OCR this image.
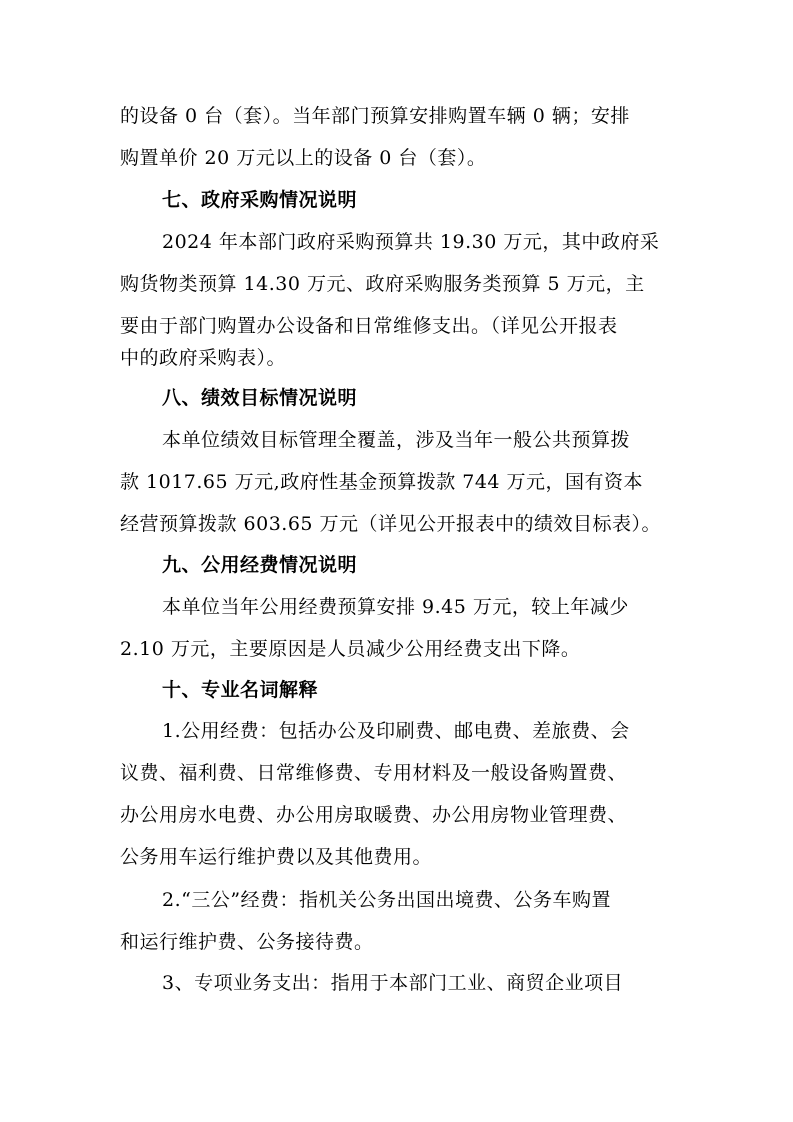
的设备 0 台（套）。当年部门预算安排购置车辆 0 辆；安排
购置单价 20 万元以上的设备 0 台（套）。
七、政府采购情况说明
2024 年本部门政府采购预算共 19.30 万元，其中政府采
购货物类预算 14.30 万元、政府采购服务类预算 5 万元，主
要由于部门购置办公设备和日常维修支出。（详见公开报表
中的政府采购表）。
八、绩效目标情况说明
本单位绩效目标管理全覆盖，涉及当年一般公共预算拨
款 1017.65 万元,政府性基金预算拨款 744 万元，国有资本
经营预算拨款 603.65 万元（详见公开报表中的绩效目标表）。
九、公用经费情况说明
本单位当年公用经费预算安排 9.45 万元，较上年减少
2.10 万元，主要原因是人员减少公用经费支出下降。
十、专业名词解释
1.公用经费：包括办公及印刷费、邮电费、差旅费、会
议费、福利费、日常维修费、专用材料及一般设备购置费、
办公用房水电费、办公用房取暖费、办公用房物业管理费、
公务用车运行维护费以及其他费用。
2.“三公”经费：指机关公务出国出境费、公务车购置
和运行维护费、公务接待费。
3、专项业务支出：指用于本部门工业、商贸企业项目
